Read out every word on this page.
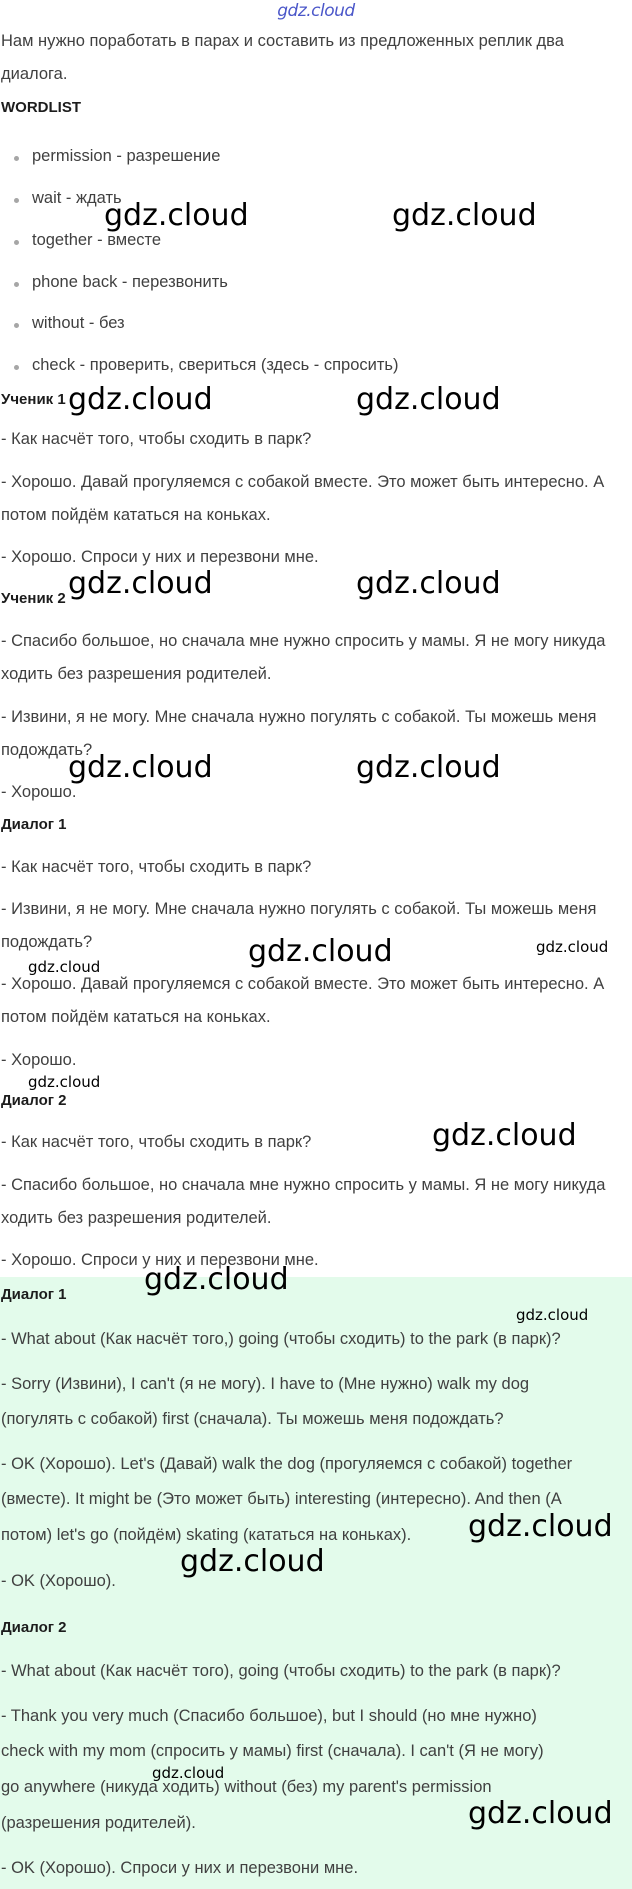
gdz.cloud
Нам нужно поработать в парах и составить из предложенных реплик два
диалога.
WORDLIST
permission - разрешение
wait - ждать
together - вместе
phone back - перезвонить
without - без
check - проверить, свериться (здесь - спросить)
Ученик 1
- Как насчёт того, чтобы сходить в парк?
- Хорошо. Давай прогуляемся с собакой вместе. Это может быть интересно. А
потом пойдём кататься на коньках.
- Хорошо. Спроси у них и перезвони мне.
Ученик 2
- Спасибо большое, но сначала мне нужно спросить у мамы. Я не могу никуда
ходить без разрешения родителей.
- Извини, я не могу. Мне сначала нужно погулять с собакой. Ты можешь меня
подождать?
- Хорошо.
Диалог 1
- Как насчёт того, чтобы сходить в парк?
- Извини, я не могу. Мне сначала нужно погулять с собакой. Ты можешь меня
подождать?
- Хорошо. Давай прогуляемся с собакой вместе. Это может быть интересно. А
потом пойдём кататься на коньках.
- Хорошо.
Диалог 2
- Как насчёт того, чтобы сходить в парк?
- Спасибо большое, но сначала мне нужно спросить у мамы. Я не могу никуда
ходить без разрешения родителей.
- Хорошо. Спроси у них и перезвони мне.
Диалог 1
- What about (Как насчёт того,) going (чтобы сходить) to the park (в парк)?
- Sorry (Извини), I can't (я не могу). I have to (Мне нужно) walk my dog
(погулять с собакой) first (сначала). Ты можешь меня подождать?
- OK (Хорошо). Let's (Давай) walk the dog (прогуляемся с собакой) together
(вместе). It might be (Это может быть) interesting (интересно). And then (А
потом) let's go (пойдём) skating (кататься на коньках).
- OK (Хорошо).
Диалог 2
- What about (Как насчёт того), going (чтобы сходить) to the park (в парк)?
- Thank you very much (Спасибо большое), but I should (но мне нужно)
check with my mom (спросить у мамы) first (сначала). I can't (Я не могу)
go anywhere (никуда ходить) without (без) my parent's permission
(разрешения родителей).
- OK (Хорошо). Спроси у них и перезвони мне.
gdz.cloud	gdz.cloud
gdz.cloud	gdz.cloud
gdz.cloud	gdz.cloud
gdz.cloud	gdz.cloud
gdz.cloud	gdz.cloud
gdz.cloud
gdz.cloud
gdz.cloud
gdz.cloud
gdz.cloud
gdz.cloud
gdz.cloud
gdz.cloud
gdz.cloud
